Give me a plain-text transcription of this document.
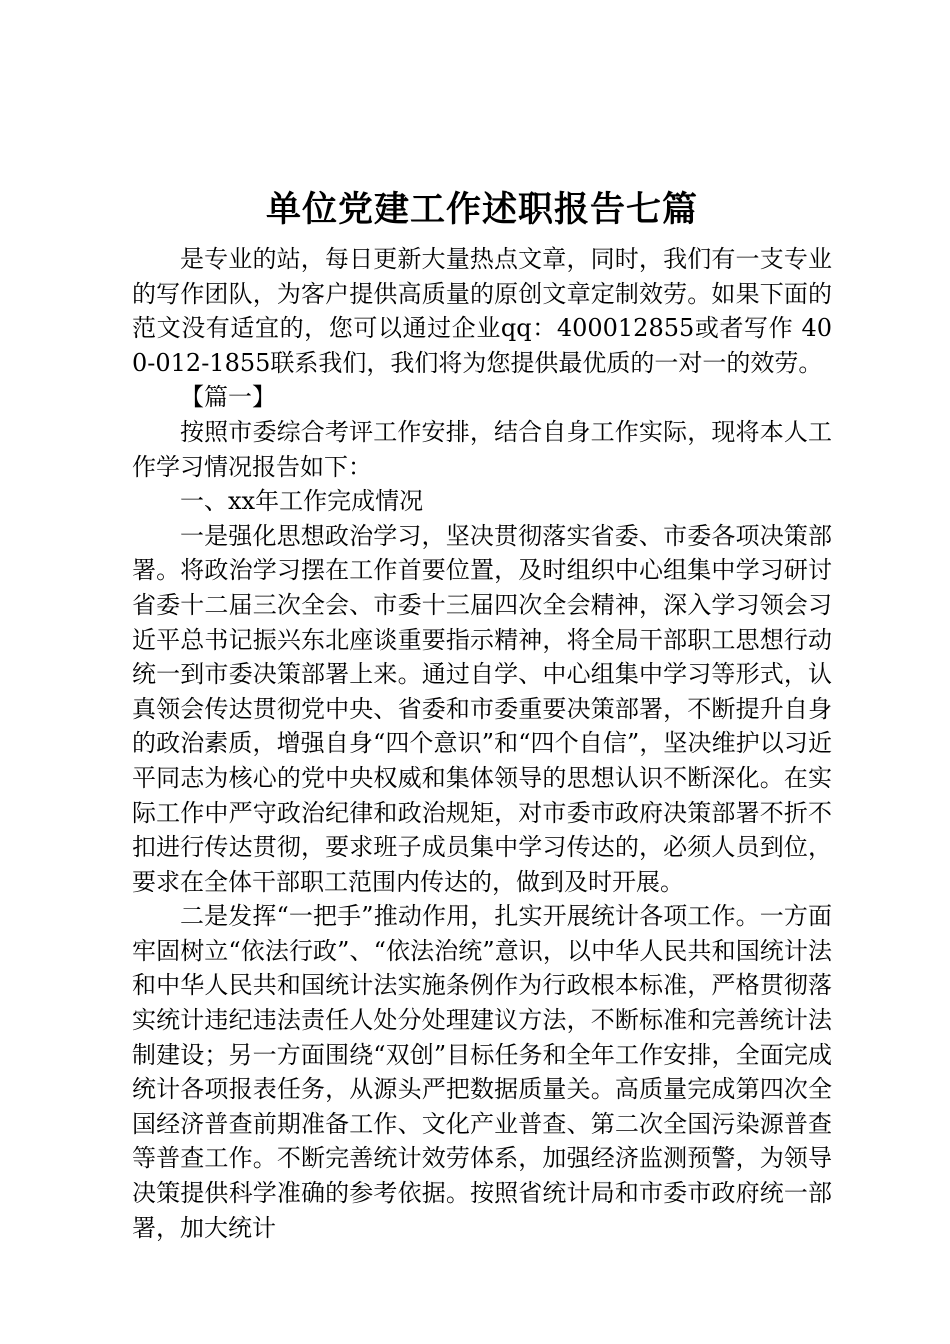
单位党建工作述职报告七篇

是专业的站，每日更新大量热点文章，同时，我们有一支专业的写作团队，为客户提供高质量的原创文章定制效劳。如果下面的范文没有适宜的，您可以通过企业qq：400012855或者写作 400-012-1855联系我们，我们将为您提供最优质的一对一的效劳。

【篇一】

按照市委综合考评工作安排，结合自身工作实际，现将本人工作学习情况报告如下：

一、xx年工作完成情况

一是强化思想政治学习，坚决贯彻落实省委、市委各项决策部署。将政治学习摆在工作首要位置，及时组织中心组集中学习研讨省委十二届三次全会、市委十三届四次全会精神，深入学习领会习近平总书记振兴东北座谈重要指示精神，将全局干部职工思想行动统一到市委决策部署上来。通过自学、中心组集中学习等形式，认真领会传达贯彻党中央、省委和市委重要决策部署，不断提升自身的政治素质，增强自身“四个意识”和“四个自信”，坚决维护以习近平同志为核心的党中央权威和集体领导的思想认识不断深化。在实际工作中严守政治纪律和政治规矩，对市委市政府决策部署不折不扣进行传达贯彻，要求班子成员集中学习传达的，必须人员到位，要求在全体干部职工范围内传达的，做到及时开展。

二是发挥“一把手”推动作用，扎实开展统计各项工作。一方面牢固树立“依法行政”、“依法治统”意识，以中华人民共和国统计法和中华人民共和国统计法实施条例作为行政根本标准，严格贯彻落实统计违纪违法责任人处分处理建议方法，不断标准和完善统计法制建设；另一方面围绕“双创”目标任务和全年工作安排，全面完成统计各项报表任务，从源头严把数据质量关。高质量完成第四次全国经济普查前期准备工作、文化产业普查、第二次全国污染源普查等普查工作。不断完善统计效劳体系，加强经济监测预警，为领导决策提供科学准确的参考依据。按照省统计局和市委市政府统一部署，加大统计
